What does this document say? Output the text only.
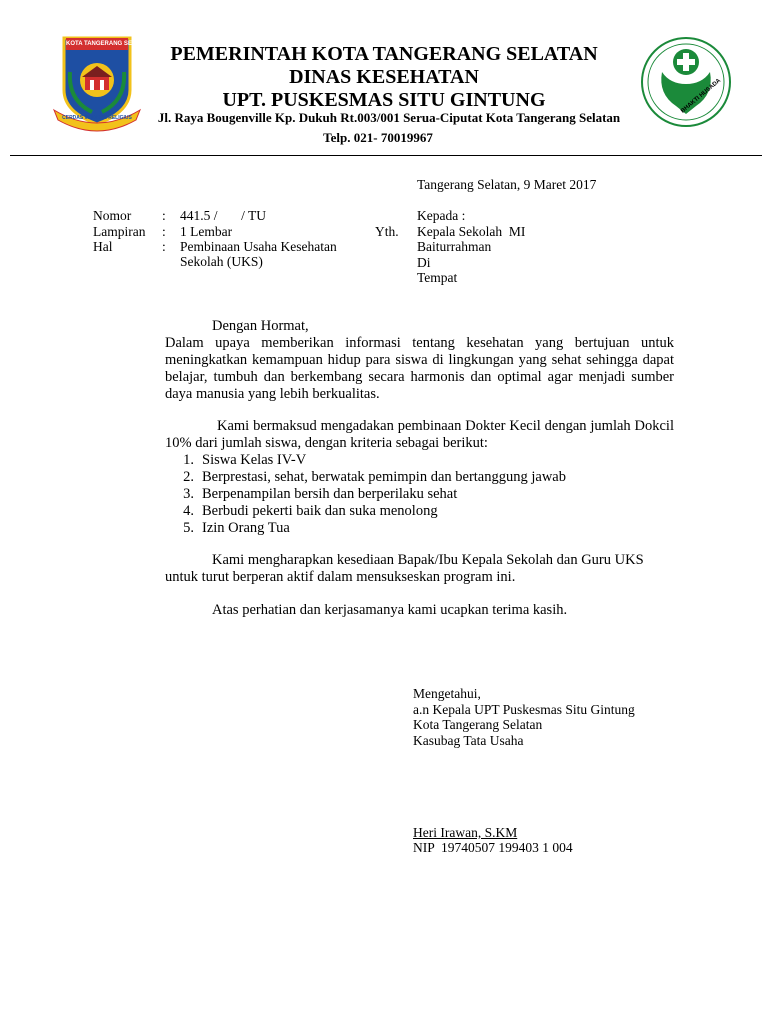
KOTA TANGERANG SELATAN
CERDAS MODERN RELIGIUS
BHAKTI HUSADA
PEMERINTAH KOTA TANGERANG SELATAN
DINAS KESEHATAN
UPT. PUSKESMAS SITU GINTUNG
Jl. Raya Bougenville Kp. Dukuh Rt.003/001 Serua-Ciputat Kota Tangerang Selatan
Telp. 021- 70019967
Tangerang Selatan, 9 Maret 2017
Nomor
Lampiran
Hal
:
:
:
441.5 /       / TU
1 Lembar
Pembinaan Usaha Kesehatan
Sekolah (UKS)
Kepada :
Yth. Kepala Sekolah  MI
Baiturrahman
Di
Tempat
Dengan Hormat,
Dalam upaya memberikan informasi tentang kesehatan yang bertujuan untuk meningkatkan kemampuan hidup para siswa di lingkungan yang sehat sehingga dapat belajar, tumbuh dan berkembang secara harmonis dan optimal agar menjadi sumber daya manusia yang lebih berkualitas.
Kami bermaksud mengadakan pembinaan Dokter Kecil dengan jumlah Dokcil 10% dari jumlah siswa, dengan kriteria sebagai berikut:
1. Siswa Kelas IV-V
2. Berprestasi, sehat, berwatak pemimpin dan bertanggung jawab
3. Berpenampilan bersih dan berperilaku sehat
4. Berbudi pekerti baik dan suka menolong
5. Izin Orang Tua
Kami mengharapkan kesediaan Bapak/Ibu Kepala Sekolah dan Guru UKS untuk turut berperan aktif dalam mensukseskan program ini.
Atas perhatian dan kerjasamanya kami ucapkan terima kasih.
Mengetahui,
a.n Kepala UPT Puskesmas Situ Gintung
Kota Tangerang Selatan
Kasubag Tata Usaha
Heri Irawan, S.KM
NIP  19740507 199403 1 004
